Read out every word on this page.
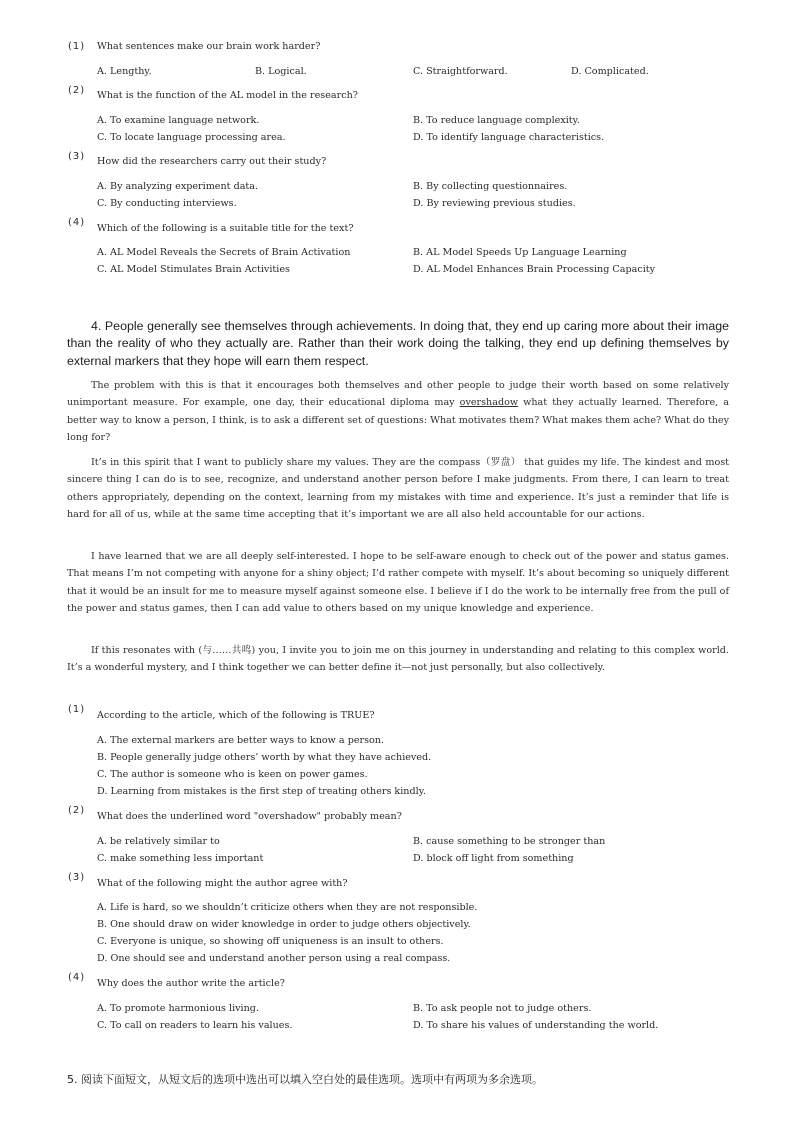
(1) What sentences make our brain work harder?
A. Lengthy.	B. Logical.	C. Straightforward.	D. Complicated.
(2) What is the function of the AL model in the research?
A. To examine language network.	B. To reduce language complexity.
C. To locate language processing area.	D. To identify language characteristics.
(3) How did the researchers carry out their study?
A. By analyzing experiment data.	B. By collecting questionnaires.
C. By conducting interviews.	D. By reviewing previous studies.
(4)
Which of the following is a suitable title for the text?
A. AL Model Reveals the Secrets of Brain Activation	B. AL Model Speeds Up Language Learning
C. AL Model Stimulates Brain Activities	D. AL Model Enhances Brain Processing Capacity

4. People generally see themselves through achievements. In doing that, they end up caring more about their image than the reality of who they actually are. Rather than their work doing the talking, they end up defining themselves by external markers that they hope will earn them respect.

The problem with this is that it encourages both themselves and other people to judge their worth based on some relatively unimportant measure. For example, one day, their educational diploma may overshadow what they actually learned. Therefore, a better way to know a person, I think, is to ask a different set of questions: What motivates them? What makes them ache? What do they long for?

It’s in this spirit that I want to publicly share my values. They are the compass（罗盘） that guides my life. The kindest and most sincere thing I can do is to see, recognize, and understand another person before I make judgments. From there, I can learn to treat others appropriately, depending on the context, learning from my mistakes with time and experience. It’s just a reminder that life is hard for all of us, while at the same time accepting that it’s important we are all also held accountable for our actions.

I have learned that we are all deeply self-interested. I hope to be self-aware enough to check out of the power and status games. That means I’m not competing with anyone for a shiny object; I’d rather compete with myself. It’s about becoming so uniquely different that it would be an insult for me to measure myself against someone else. I believe if I do the work to be internally free from the pull of the power and status games, then I can add value to others based on my unique knowledge and experience.

If this resonates with (与……共鸣) you, I invite you to join me on this journey in understanding and relating to this complex world. It’s a wonderful mystery, and I think together we can better define it—not just personally, but also collectively.

(1)
According to the article, which of the following is TRUE?
A. The external markers are better ways to know a person.
B. People generally judge others’ worth by what they have achieved.
C. The author is someone who is keen on power games.
D. Learning from mistakes is the first step of treating others kindly.
(2)
What does the underlined word "overshadow" probably mean?
A. be relatively similar to	B. cause something to be stronger than
C. make something less important	D. block off light from something
(3)
What of the following might the author agree with?
A. Life is hard, so we shouldn’t criticize others when they are not responsible.
B. One should draw on wider knowledge in order to judge others objectively.
C. Everyone is unique, so showing off uniqueness is an insult to others.
D. One should see and understand another person using a real compass.
(4)
Why does the author write the article?
A. To promote harmonious living.	B. To ask people not to judge others.
C. To call on readers to learn his values.	D. To share his values of understanding the world.
5. 阅读下面短文，从短文后的选项中选出可以填入空白处的最佳选项。选项中有两项为多余选项。
